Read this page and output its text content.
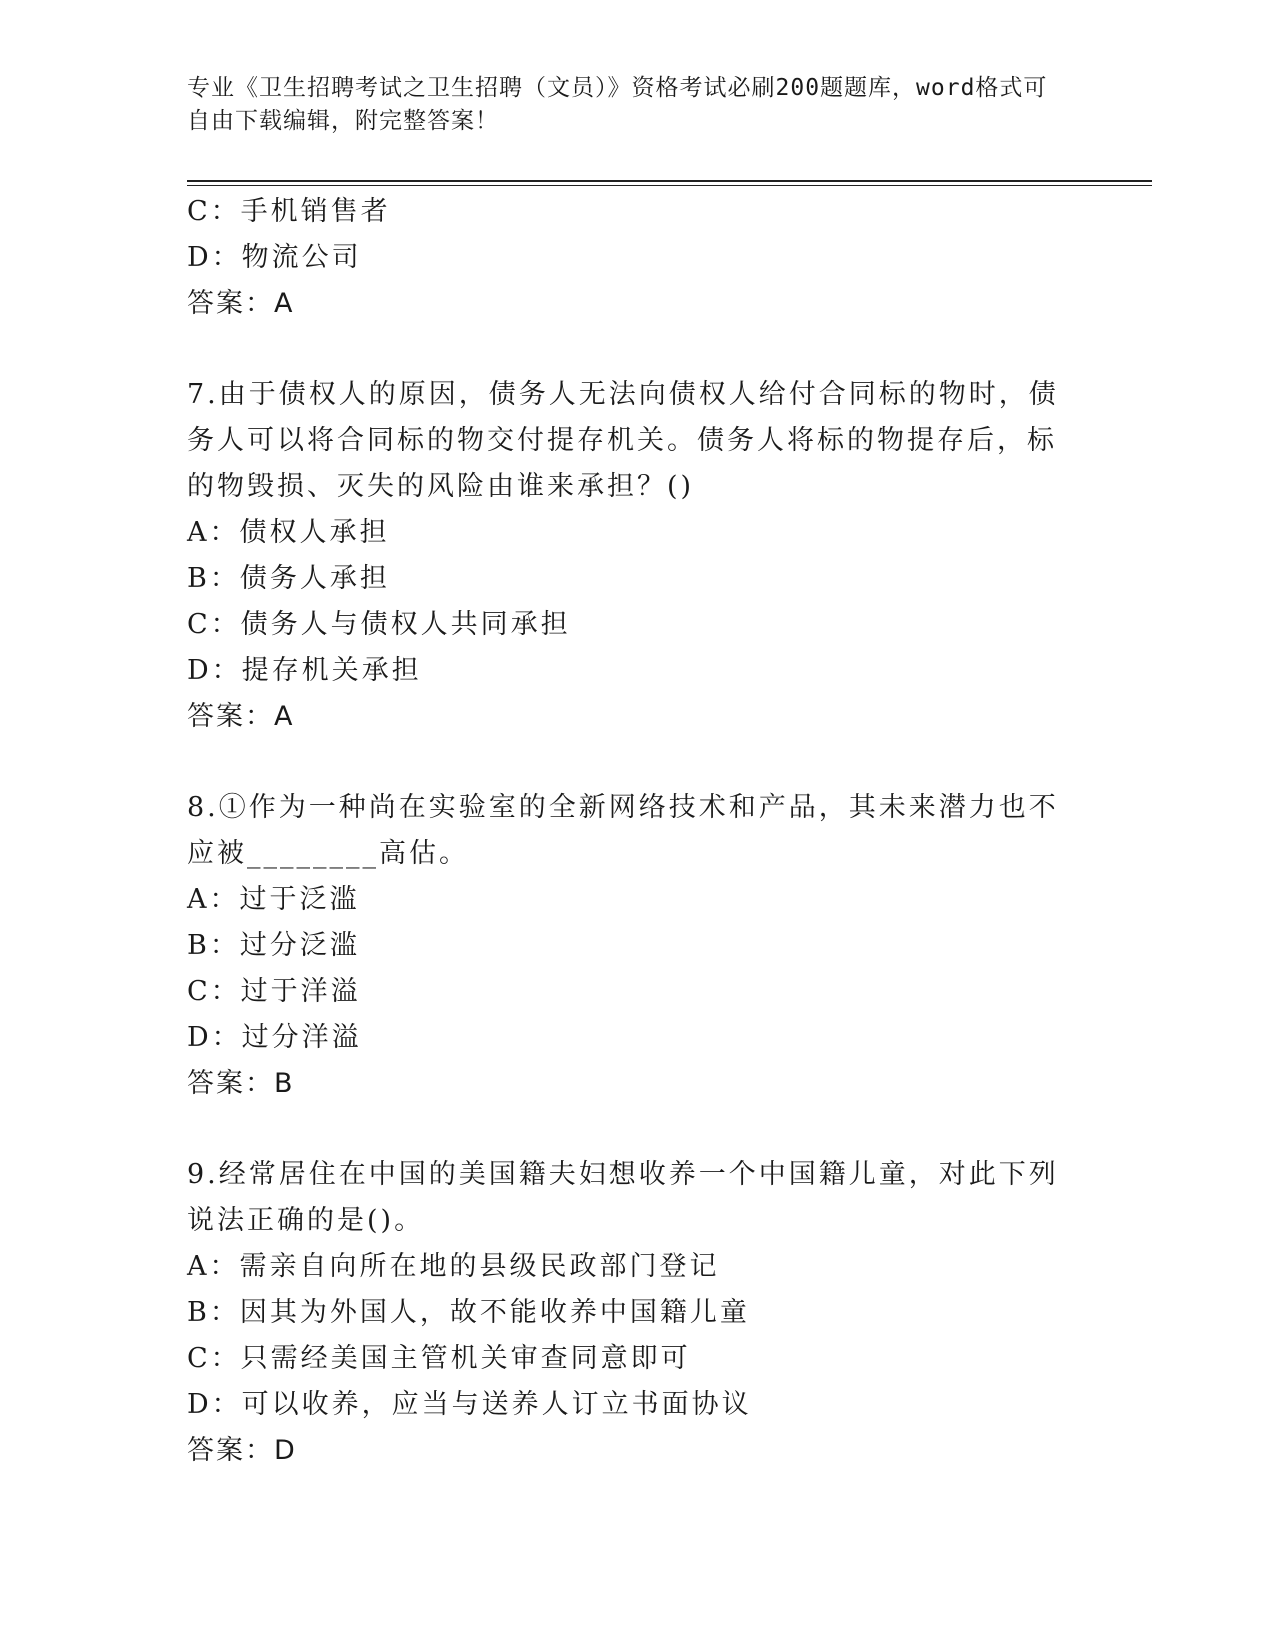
专业《卫生招聘考试之卫生招聘（文员）》资格考试必刷200题题库，word格式可自由下载编辑，附完整答案！
C：手机销售者
D：物流公司
答案：A
7.由于债权人的原因，债务人无法向债权人给付合同标的物时，债务人可以将合同标的物交付提存机关。债务人将标的物提存后，标的物毁损、灭失的风险由谁来承担？()
A：债权人承担
B：债务人承担
C：债务人与债权人共同承担
D：提存机关承担
答案：A
8.①作为一种尚在实验室的全新网络技术和产品，其未来潜力也不应被________高估。
A：过于泛滥
B：过分泛滥
C：过于洋溢
D：过分洋溢
答案：B
9.经常居住在中国的美国籍夫妇想收养一个中国籍儿童，对此下列说法正确的是()。
A：需亲自向所在地的县级民政部门登记
B：因其为外国人，故不能收养中国籍儿童
C：只需经美国主管机关审查同意即可
D：可以收养，应当与送养人订立书面协议
答案：D
